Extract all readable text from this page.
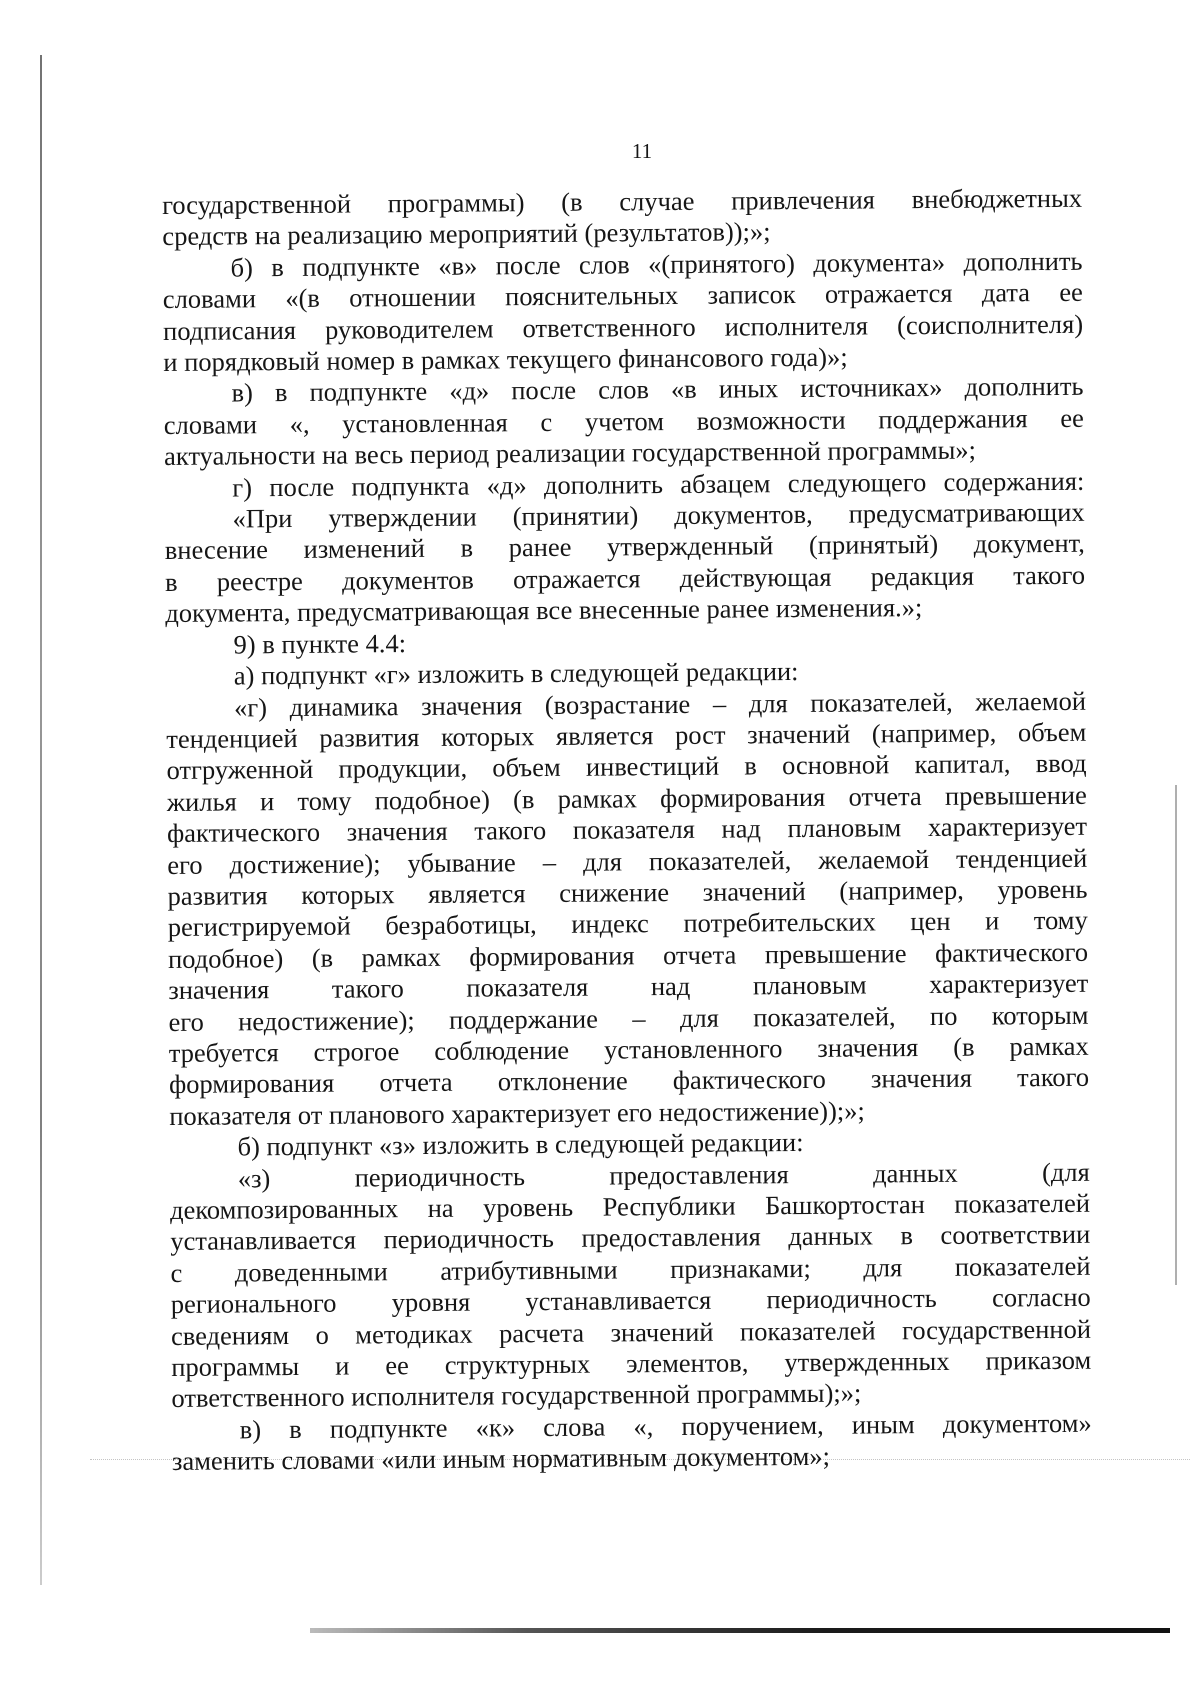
11
государственной программы) (в случае привлечения внебюджетных
средств на реализацию мероприятий (результатов));»;
б) в подпункте «в» после слов «(принятого) документа» дополнить
словами «(в отношении пояснительных записок отражается дата ее
подписания руководителем ответственного исполнителя (соисполнителя)
и порядковый номер в рамках текущего финансового года)»;
в) в подпункте «д» после слов «в иных источниках» дополнить
словами «, установленная с учетом возможности поддержания ее
актуальности на весь период реализации государственной программы»;
г) после подпункта «д» дополнить абзацем следующего содержания:
«При утверждении (принятии) документов, предусматривающих
внесение изменений в ранее утвержденный (принятый) документ,
в реестре документов отражается действующая редакция такого
документа, предусматривающая все внесенные ранее изменения.»;
9) в пункте 4.4:
а) подпункт «г» изложить в следующей редакции:
«г) динамика значения (возрастание – для показателей, желаемой
тенденцией развития которых является рост значений (например, объем
отгруженной продукции, объем инвестиций в основной капитал, ввод
жилья и тому подобное) (в рамках формирования отчета превышение
фактического значения такого показателя над плановым характеризует
его достижение); убывание – для показателей, желаемой тенденцией
развития которых является снижение значений (например, уровень
регистрируемой безработицы, индекс потребительских цен и тому
подобное) (в рамках формирования отчета превышение фактического
значения такого показателя над плановым характеризует
его недостижение); поддержание – для показателей, по которым
требуется строгое соблюдение установленного значения (в рамках
формирования отчета отклонение фактического значения такого
показателя от планового характеризует его недостижение));»;
б) подпункт «з» изложить в следующей редакции:
«з) периодичность предоставления данных (для
декомпозированных на уровень Республики Башкортостан показателей
устанавливается периодичность предоставления данных в соответствии
с доведенными атрибутивными признаками; для показателей
регионального уровня устанавливается периодичность согласно
сведениям о методиках расчета значений показателей государственной
программы и ее структурных элементов, утвержденных приказом
ответственного исполнителя государственной программы);»;
в) в подпункте «к» слова «, поручением, иным документом»
заменить словами «или иным нормативным документом»;
